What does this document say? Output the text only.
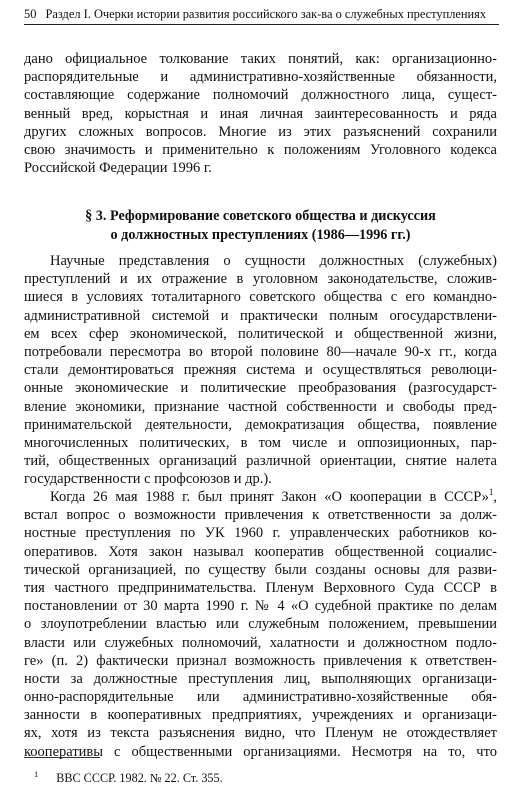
50 Раздел I. Очерки истории развития российского зак-ва о служебных преступлениях
дано официальное толкование таких понятий, как: организационно-
распорядительные и административно-хозяйственные обязанности,
составляющие содержание полномочий должностного лица, сущест-
венный вред, корыстная и иная личная заинтересованность и ряда
других сложных вопросов. Многие из этих разъяснений сохранили
свою значимость и применительно к положениям Уголовного кодекса
Российской Федерации 1996 г.
§ 3. Реформирование советского общества и дискуссия
о должностных преступлениях (1986—1996 гг.)
Научные представления о сущности должностных (служебных)
преступлений и их отражение в уголовном законодательстве, сложив-
шиеся в условиях тоталитарного советского общества с его командно-
административной системой и практически полным огосударствлени-
ем всех сфер экономической, политической и общественной жизни,
потребовали пересмотра во второй половине 80—начале 90-х гг., когда
стали демонтироваться прежняя система и осуществляться революци-
онные экономические и политические преобразования (разгосударст-
вление экономики, признание частной собственности и свободы пред-
принимательской деятельности, демократизация общества, появление
многочисленных политических, в том числе и оппозиционных, пар-
тий, общественных организаций различной ориентации, снятие налета
государственности с профсоюзов и др.).
Когда 26 мая 1988 г. был принят Закон «О кооперации в СССР»$^1$,
встал вопрос о возможности привлечения к ответственности за долж-
ностные преступления по УК 1960 г. управленческих работников ко-
оперативов. Хотя закон называл кооператив общественной социалис-
тической организацией, по существу были созданы основы для разви-
тия частного предпринимательства. Пленум Верховного Суда СССР в
постановлении от 30 марта 1990 г. № 4 «О судебной практике по делам
о злоупотреблении властью или служебным положением, превышении
власти или служебных полномочий, халатности и должностном подло-
ге» (п. 2) фактически признал возможность привлечения к ответствен-
ности за должностные преступления лиц, выполняющих организаци-
онно-распорядительные или административно-хозяйственные обя-
занности в кооперативных предприятиях, учреждениях и организаци-
ях, хотя из текста разъяснения видно, что Пленум не отождествляет
кооперативы с общественными организациями. Несмотря на то, что
$^1$ ВВС СССР. 1982. № 22. Ст. 355.
